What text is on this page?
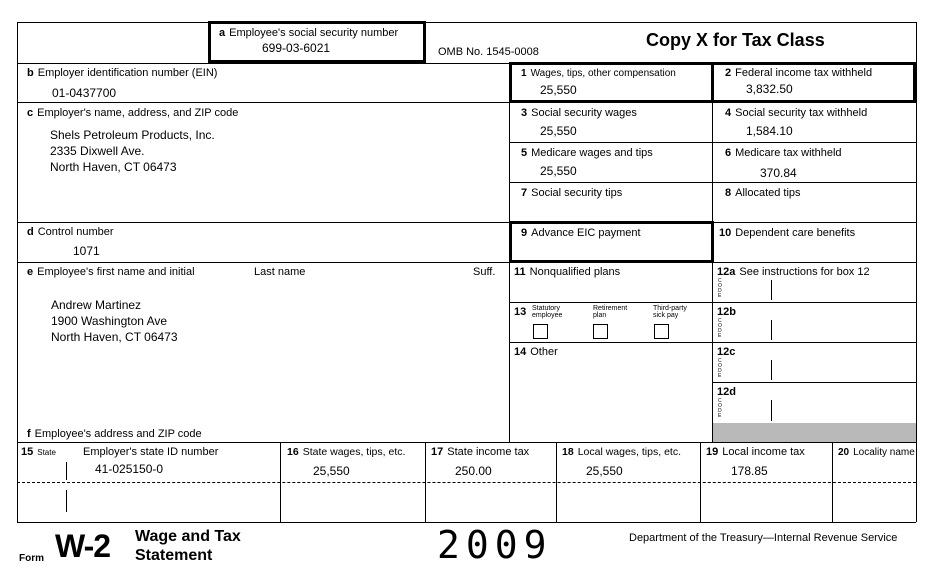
a Employee's social security number
699-03-6021	OMB No. 1545-0008
Copy X for Tax Class
b Employer identification number (EIN)
01-0437700
c Employer's name, address, and ZIP code
Shels Petroleum Products, Inc.
2335 Dixwell Ave.
North Haven, CT 06473
d Control number
1071
e Employee's first name and initial	Last name	Suff.
Andrew Martinez
1900 Washington Ave
North Haven, CT 06473
f Employee's address and ZIP code
1 Wages, tips, other compensation
25,550
2 Federal income tax withheld
3,832.50
3 Social security wages
25,550
4 Social security tax withheld
1,584.10
5 Medicare wages and tips
25,550
6 Medicare tax withheld
370.84
7 Social security tips	8 Allocated tips
9 Advance EIC payment	10 Dependent care benefits
11 Nonqualified plans	12a See instructions for box 12
C O D E
12b
C O D E
12c
C O D E
12d
C O D E
13 Statutory
employee
Retirement
plan
Third-party
sick pay
14 Other
15 State Employer's state ID number
41-025150-0
16 State wages, tips, etc.
25,550
17 State income tax
250.00
18 Local wages, tips, etc.
25,550
19 Local income tax
178.85
20 Locality name
Form W-2 Wage and Tax
Statement	2009	Department of the Treasury—Internal Revenue Service
